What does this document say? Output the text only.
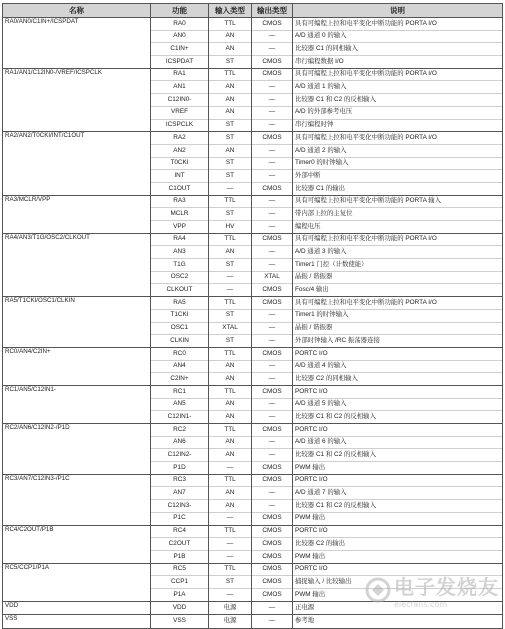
名称	功能	输入类型	输出类型	说明
RA0/AN0/C1IN+/ICSPDAT	RA0	TTL	CMOS	具有可编程上拉和电平变化中断功能的 PORTA I/O
	AN0	AN	—	A/D 通道 0 的输入
	C1IN+	AN	—	比较器 C1 的同相输入
	ICSPDAT	ST	CMOS	串行编程数据 I/O
RA1/AN1/C12IN0-/VREF/ICSPCLK	RA1	TTL	CMOS	具有可编程上拉和电平变化中断功能的 PORTA I/O
	AN1	AN	—	A/D 通道 1 的输入
	C12IN0-	AN	—	比较器 C1 和 C2 的反相输入
	VREF	AN	—	A/D 的外部参考电压
	ICSPCLK	ST	—	串行编程时钟
RA2/AN2/T0CKI/INT/C1OUT	RA2	ST	CMOS	具有可编程上拉和电平变化中断功能的 PORTA I/O
	AN2	AN	—	A/D 通道 2 的输入
	T0CKI	ST	—	Timer0 的时钟输入
	INT	ST	—	外部中断
	C1OUT	—	CMOS	比较器 C1 的输出
RA3/MCLR/VPP	RA3	TTL	—	具有可编程上拉和电平变化中断功能的 PORTA 输入
	MCLR	ST	—	带内部上拉的主复位
	VPP	HV	—	编程电压
RA4/AN3/T1G/OSC2/CLKOUT	RA4	TTL	CMOS	具有可编程上拉和电平变化中断功能的 PORTA I/O
	AN3	AN	—	A/D 通道 3 的输入
	T1G	ST	—	Timer1 门控（计数使能）
	OSC2	—	XTAL	晶振 / 谐振器
	CLKOUT	—	CMOS	Fosc/4 输出
RA5/T1CKI/OSC1/CLKIN	RA5	TTL	CMOS	具有可编程上拉和电平变化中断功能的 PORTA I/O
	T1CKI	ST	—	Timer1 的时钟输入
	OSC1	XTAL	—	晶振 / 谐振器
	CLKIN	ST	—	外部时钟输入 /RC 振荡器连接
RC0/AN4/C2IN+	RC0	TTL	CMOS	PORTC I/O
	AN4	AN	—	A/D 通道 4 的输入
	C2IN+	AN	—	比较器 C2 的同相输入
RC1/AN5/C12IN1-	RC1	TTL	CMOS	PORTC I/O
	AN5	AN	—	A/D 通道 5 的输入
	C12IN1-	AN	—	比较器 C1 和 C2 的反相输入
RC2/AN6/C12IN2-/P1D	RC2	TTL	CMOS	PORTC I/O
	AN6	AN	—	A/D 通道 6 的输入
	C12IN2-	AN	—	比较器 C1 和 C2 的反相输入
	P1D	—	CMOS	PWM 输出
RC3/AN7/C12IN3-/P1C	RC3	TTL	CMOS	PORTC I/O
	AN7	AN	—	A/D 通道 7 的输入
	C12IN3-	AN	—	比较器 C1 和 C2 的反相输入
	P1C	—	CMOS	PWM 输出
RC4/C2OUT/P1B	RC4	TTL	CMOS	PORTC I/O
	C2OUT	—	CMOS	比较器 C2 的输出
	P1B	—	CMOS	PWM 输出
RC5/CCP1/P1A	RC5	TTL	CMOS	PORTC I/O
	CCP1	ST	CMOS	捕捉输入 / 比较输出
	P1A	—	CMOS	PWM 输出
VDD	VDD	电源	—	正电源
VSS	VSS	电源	—	参考地
电子发烧友
elecfans.com
